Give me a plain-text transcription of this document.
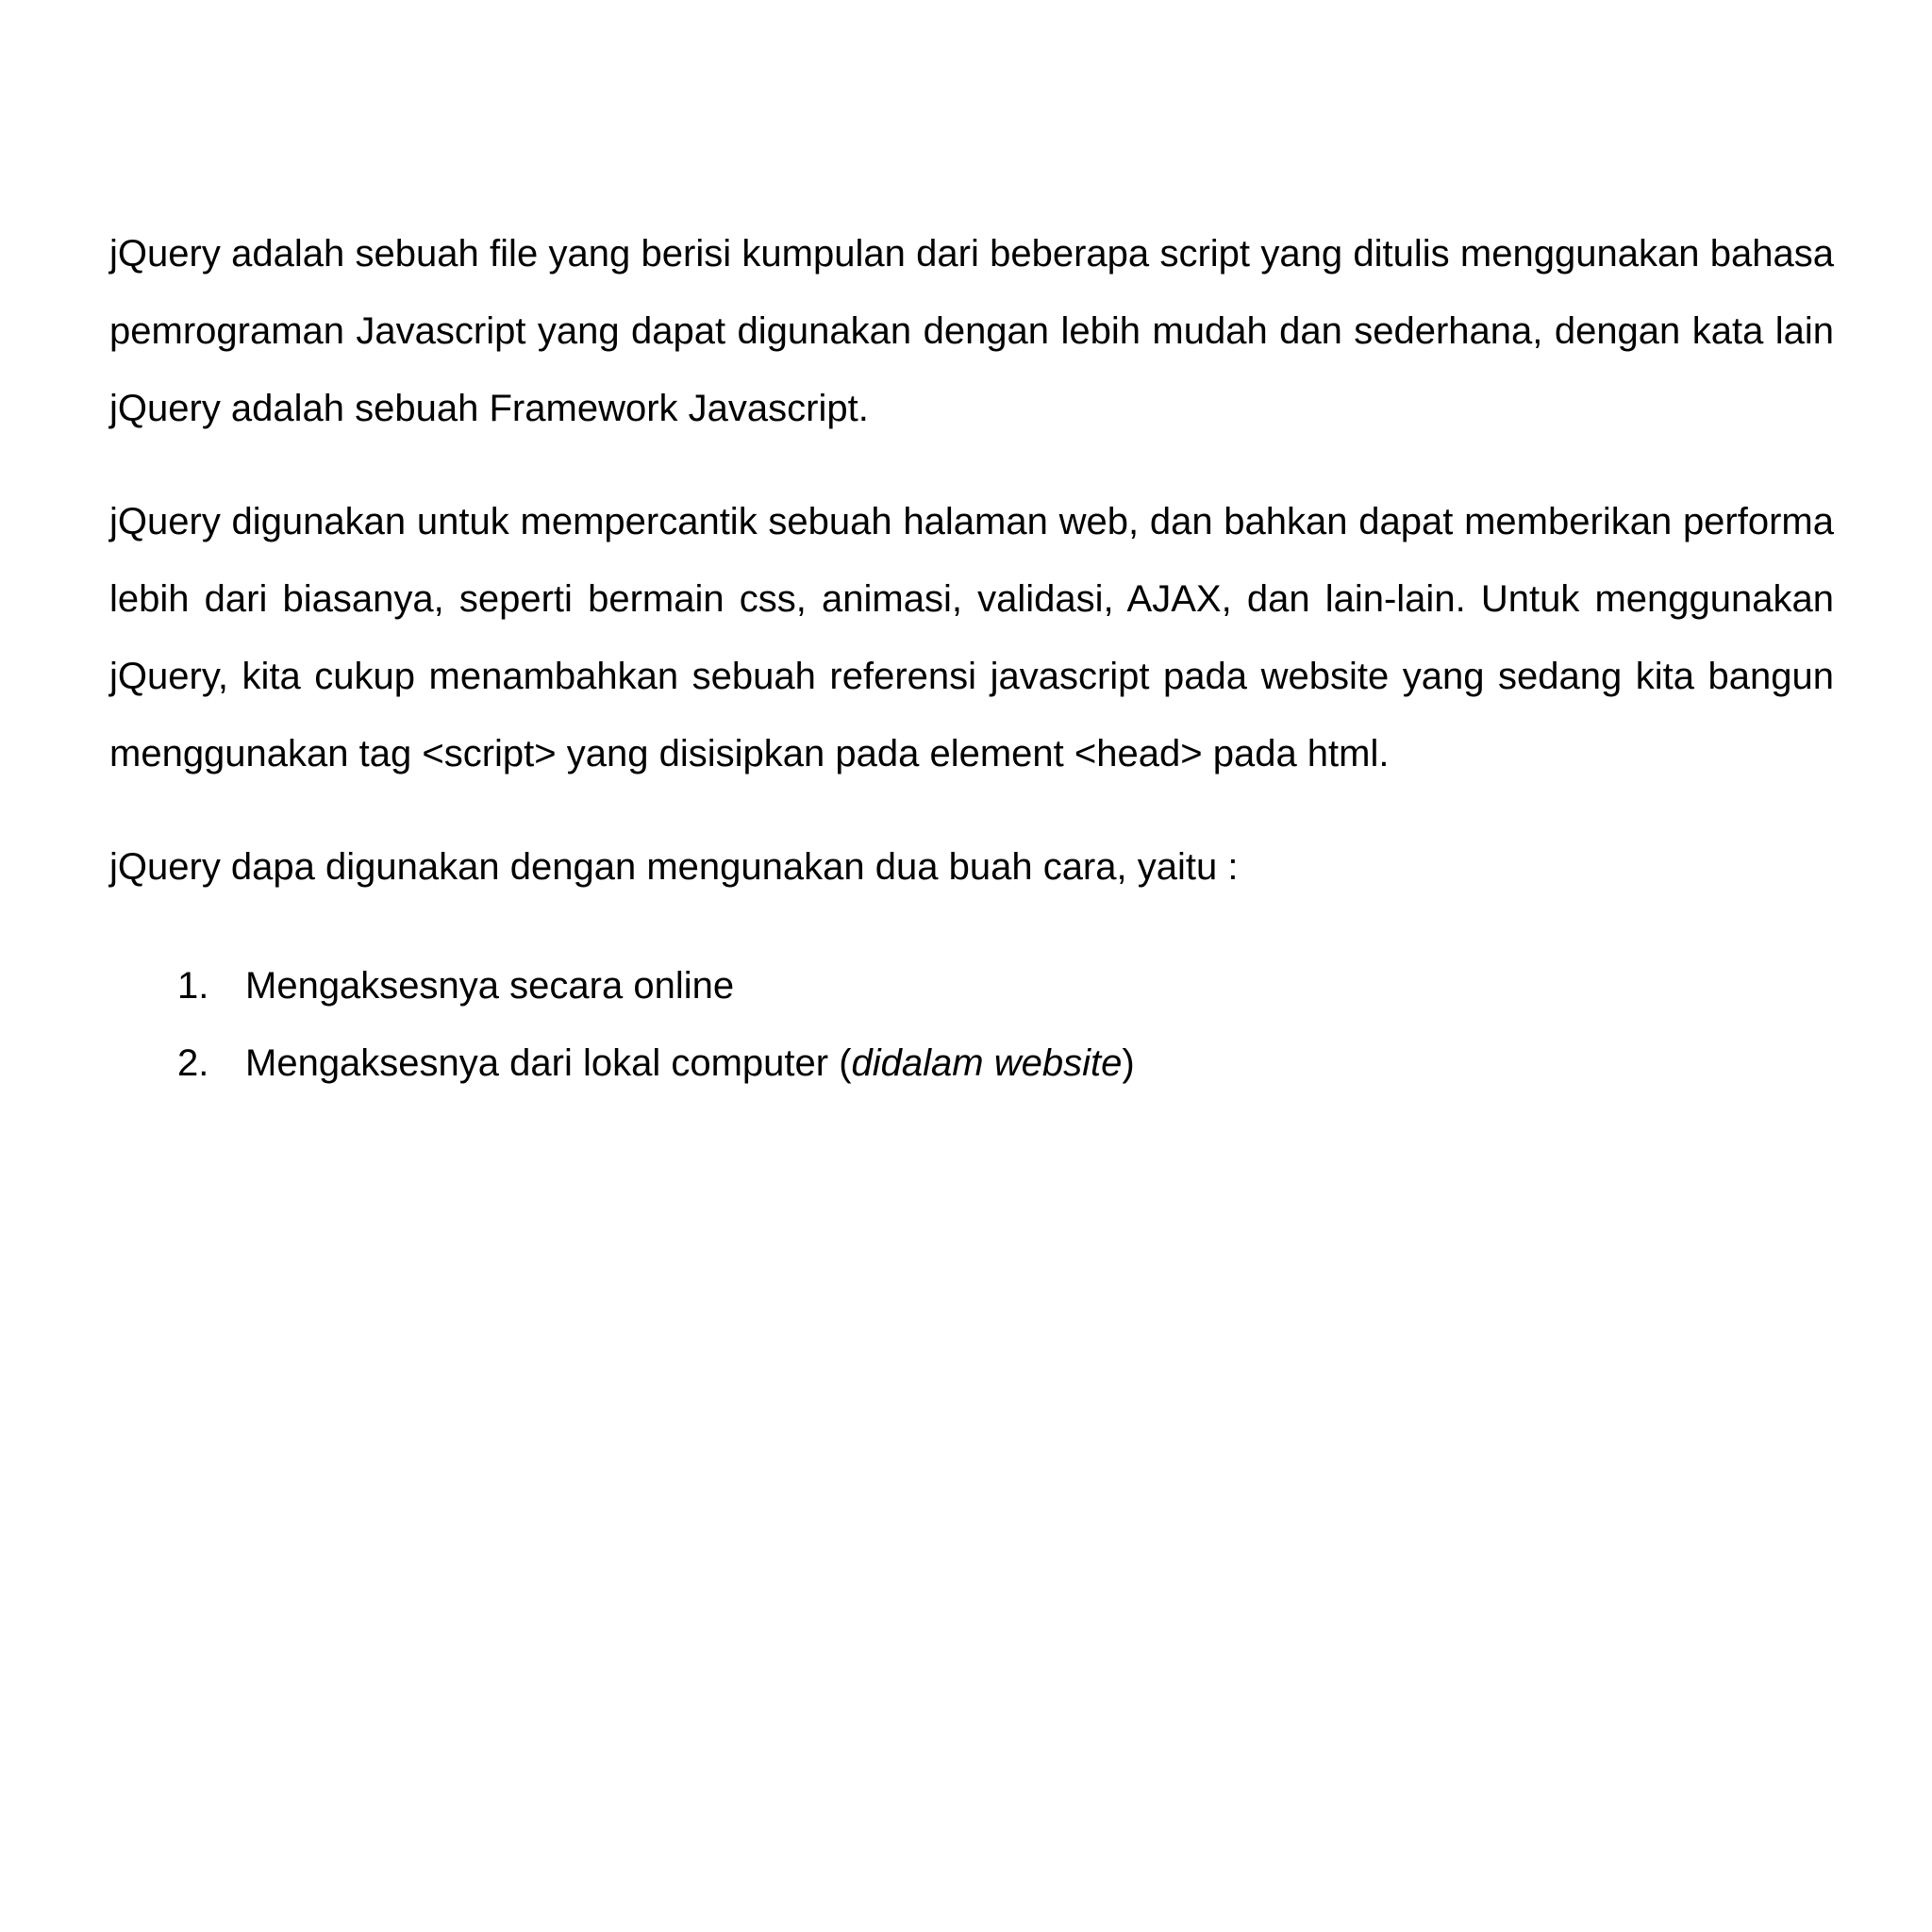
jQuery adalah sebuah file yang berisi kumpulan dari beberapa script yang ditulis menggunakan bahasa pemrograman Javascript yang dapat digunakan dengan lebih mudah dan sederhana, dengan kata lain jQuery adalah sebuah Framework Javascript.

jQuery digunakan untuk mempercantik sebuah halaman web, dan bahkan dapat memberikan performa lebih dari biasanya, seperti bermain css, animasi, validasi, AJAX, dan lain-lain. Untuk menggunakan jQuery, kita cukup menambahkan sebuah referensi javascript pada website yang sedang kita bangun menggunakan tag <script> yang disisipkan pada element <head> pada html.

jQuery dapa digunakan dengan mengunakan dua buah cara, yaitu :

1. Mengaksesnya secara online
2. Mengaksesnya dari lokal computer (didalam website)
